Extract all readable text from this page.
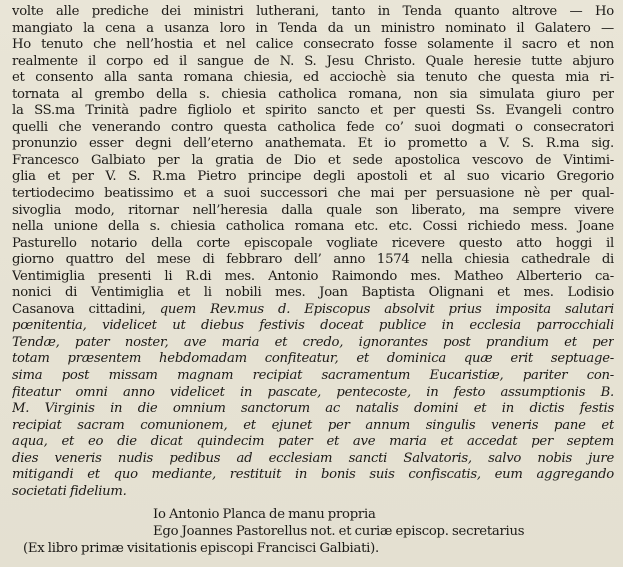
volte alle prediche dei ministri lutherani, tanto in Tenda quanto altrove — Ho
mangiato la cena a usanza loro in Tenda da un ministro nominato il Galatero —
Ho tenuto che nell’hostia et nel calice consecrato fosse solamente il sacro et non
realmente il corpo ed il sangue de N. S. Jesu Christo. Quale heresie tutte abjuro
et consento alla santa romana chiesia, ed acciochè sia tenuto che questa mia ri-
tornata al grembo della s. chiesia catholica romana, non sia simulata giuro per
la SS.ma Trinità padre figliolo et spirito sancto et per questi Ss. Evangeli contro
quelli che venerando contro questa catholica fede co’ suoi dogmati o consecratori
pronunzio esser degni dell’eterno anathemata. Et io prometto a V. S. R.ma sig.
Francesco Galbiato per la gratia de Dio et sede apostolica vescovo de Vintimi-
glia et per V. S. R.ma Pietro principe degli apostoli et al suo vicario Gregorio
tertiodecimo beatissimo et a suoi successori che mai per persuasione nè per qual-
sivoglia modo, ritornar nell’heresia dalla quale son liberato, ma sempre vivere
nella unione della s. chiesia catholica romana etc. etc. Cossi richiedo mess. Joane
Pasturello notario della corte episcopale vogliate ricevere questo atto hoggi il
giorno quattro del mese di febbraro dell’ anno 1574 nella chiesia cathedrale di
Ventimiglia presenti li R.di mes. Antonio Raimondo mes. Matheo Alberterio ca-
nonici di Ventimiglia et li nobili mes. Joan Baptista Olignani et mes. Lodisio
Casanova cittadini, quem Rev.mus d. Episcopus absolvit prius imposita salutari
pœnitentia, videlicet ut diebus festivis doceat publice in ecclesia parrocchiali
Tendæ, pater noster, ave maria et credo, ignorantes post prandium et per
totam præsentem hebdomadam confiteatur, et dominica quæ erit septuage-
sima post missam magnam recipiat sacramentum Eucaristiæ, pariter con-
fiteatur omni anno videlicet in pascate, pentecoste, in festo assumptionis B.
M. Virginis in die omnium sanctorum ac natalis domini et in dictis festis
recipiat sacram comunionem, et ejunet per annum singulis veneris pane et
aqua, et eo die dicat quindecim pater et ave maria et accedat per septem
dies veneris nudis pedibus ad ecclesiam sancti Salvatoris, salvo nobis jure
mitigandi et quo mediante, restituit in bonis suis confiscatis, eum aggregando
societati fidelium.
Io Antonio Planca de manu propria
Ego Joannes Pastorellus not. et curiæ episcop. secretarius
(Ex libro primæ visitationis episcopi Francisci Galbiati).
